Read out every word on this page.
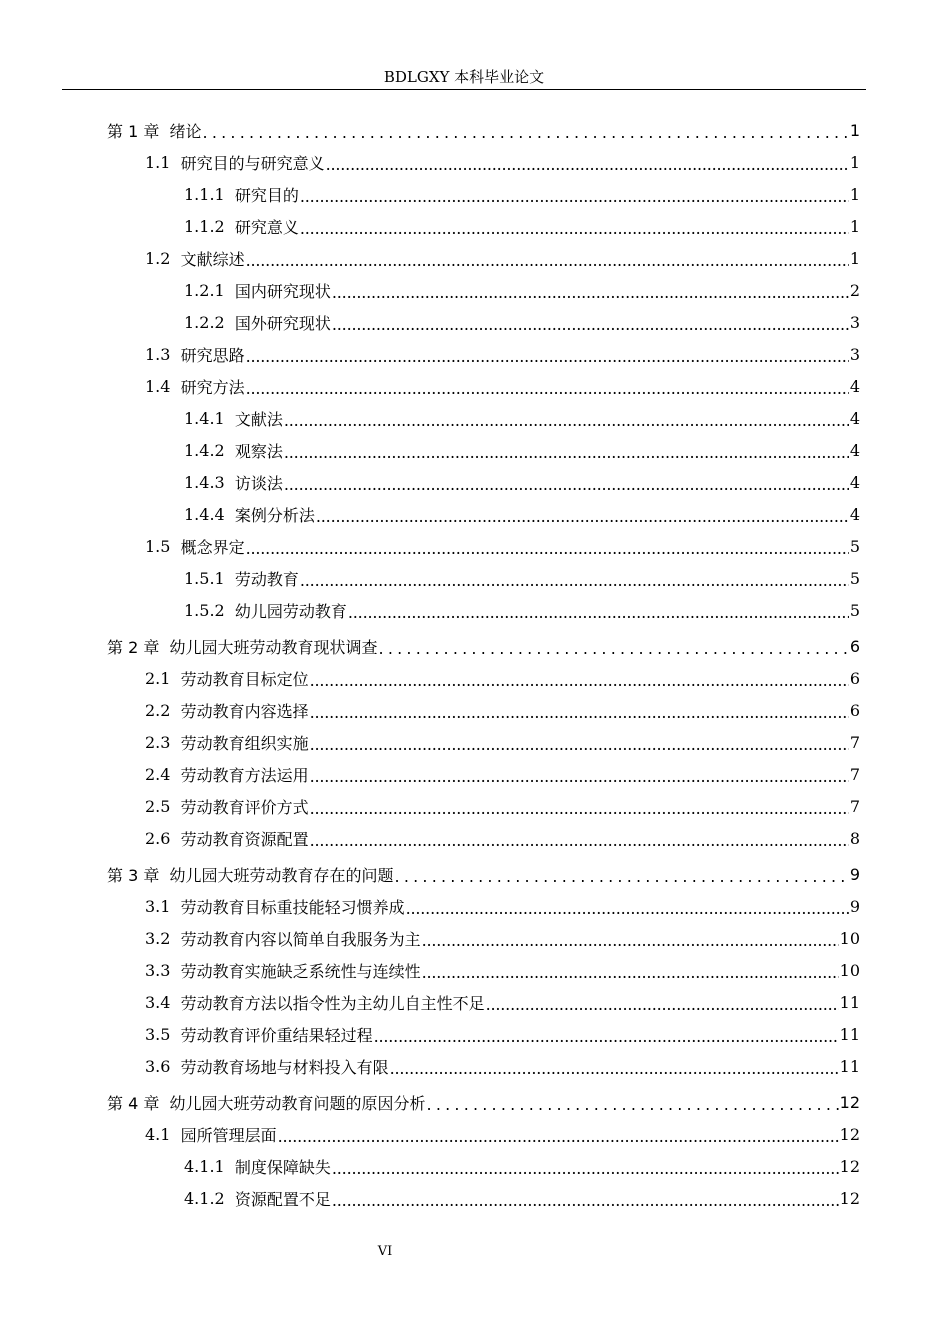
BDLGXY 本科毕业论文
第 1 章 绪论 .....	1
1.1 研究目的与研究意义 .....	1
1.1.1 研究目的 .....	1
1.1.2 研究意义 .....	1
1.2 文献综述 .....	1
1.2.1 国内研究现状 .....	2
1.2.2 国外研究现状 .....	3
1.3 研究思路 .....	3
1.4 研究方法 .....	4
1.4.1 文献法 .....	4
1.4.2 观察法 .....	4
1.4.3 访谈法 .....	4
1.4.4 案例分析法 .....	4
1.5 概念界定 .....	5
1.5.1 劳动教育 .....	5
1.5.2 幼儿园劳动教育 .....	5
第 2 章 幼儿园大班劳动教育现状调查 .....	6
2.1 劳动教育目标定位 .....	6
2.2 劳动教育内容选择 .....	6
2.3 劳动教育组织实施 .....	7
2.4 劳动教育方法运用 .....	7
2.5 劳动教育评价方式 .....	7
2.6 劳动教育资源配置 .....	8
第 3 章 幼儿园大班劳动教育存在的问题 .....	9
3.1 劳动教育目标重技能轻习惯养成 .....	9
3.2 劳动教育内容以简单自我服务为主 .....	10
3.3 劳动教育实施缺乏系统性与连续性 .....	10
3.4 劳动教育方法以指令性为主幼儿自主性不足 .....	11
3.5 劳动教育评价重结果轻过程 .....	11
3.6 劳动教育场地与材料投入有限 .....	11
第 4 章 幼儿园大班劳动教育问题的原因分析 .....	12
4.1 园所管理层面 .....	12
4.1.1 制度保障缺失 .....	12
4.1.2 资源配置不足 .....	12
VI
